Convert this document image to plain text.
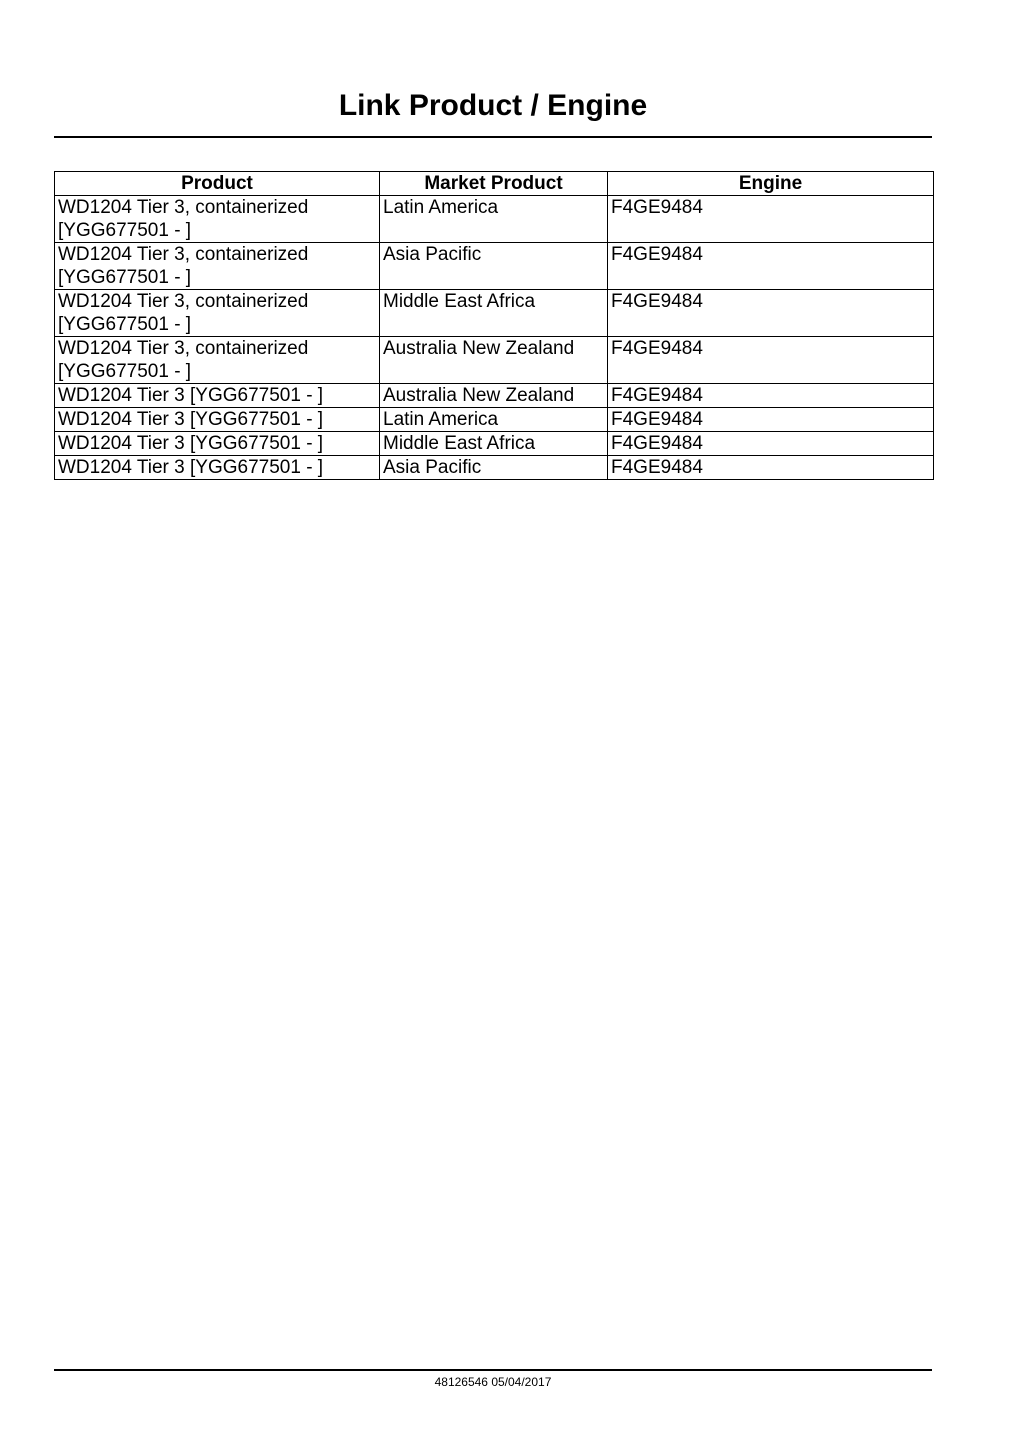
Link Product / Engine
Product	Market Product	Engine
WD1204 Tier 3, containerized [YGG677501 - ]	Latin America	F4GE9484
WD1204 Tier 3, containerized [YGG677501 - ]	Asia Pacific	F4GE9484
WD1204 Tier 3, containerized [YGG677501 - ]	Middle East Africa	F4GE9484
WD1204 Tier 3, containerized [YGG677501 - ]	Australia New Zealand	F4GE9484
WD1204 Tier 3 [YGG677501 - ]	Australia New Zealand	F4GE9484
WD1204 Tier 3 [YGG677501 - ]	Latin America	F4GE9484
WD1204 Tier 3 [YGG677501 - ]	Middle East Africa	F4GE9484
WD1204 Tier 3 [YGG677501 - ]	Asia Pacific	F4GE9484
48126546 05/04/2017
